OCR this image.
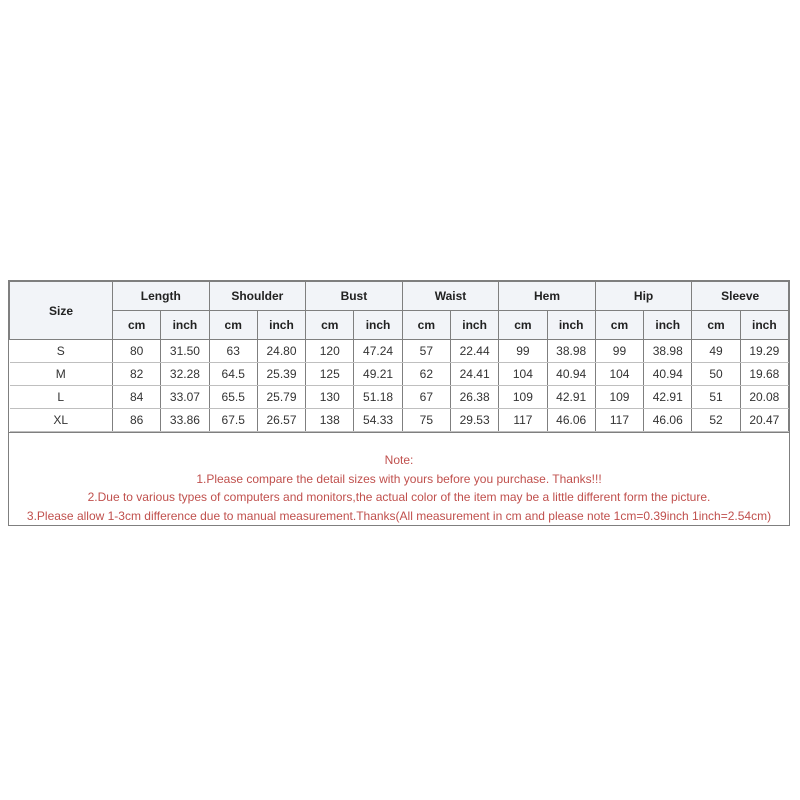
Size	Length		Shoulder		Bust		Waist		Hem		Hip		Sleeve	
	cm	inch	cm	inch	cm	inch	cm	inch	cm	inch	cm	inch	cm	inch
S	80	31.50	63	24.80	120	47.24	57	22.44	99	38.98	99	38.98	49	19.29
M	82	32.28	64.5	25.39	125	49.21	62	24.41	104	40.94	104	40.94	50	19.68
L	84	33.07	65.5	25.79	130	51.18	67	26.38	109	42.91	109	42.91	51	20.08
XL	86	33.86	67.5	26.57	138	54.33	75	29.53	117	46.06	117	46.06	52	20.47
Note:
1.Please compare the detail sizes with yours before you purchase. Thanks!!!
2.Due to various types of computers and monitors,the actual color of the item may be a little different form the picture.
3.Please allow 1-3cm difference due to manual measurement.Thanks(All measurement in cm and please note 1cm=0.39inch 1inch=2.54cm)
